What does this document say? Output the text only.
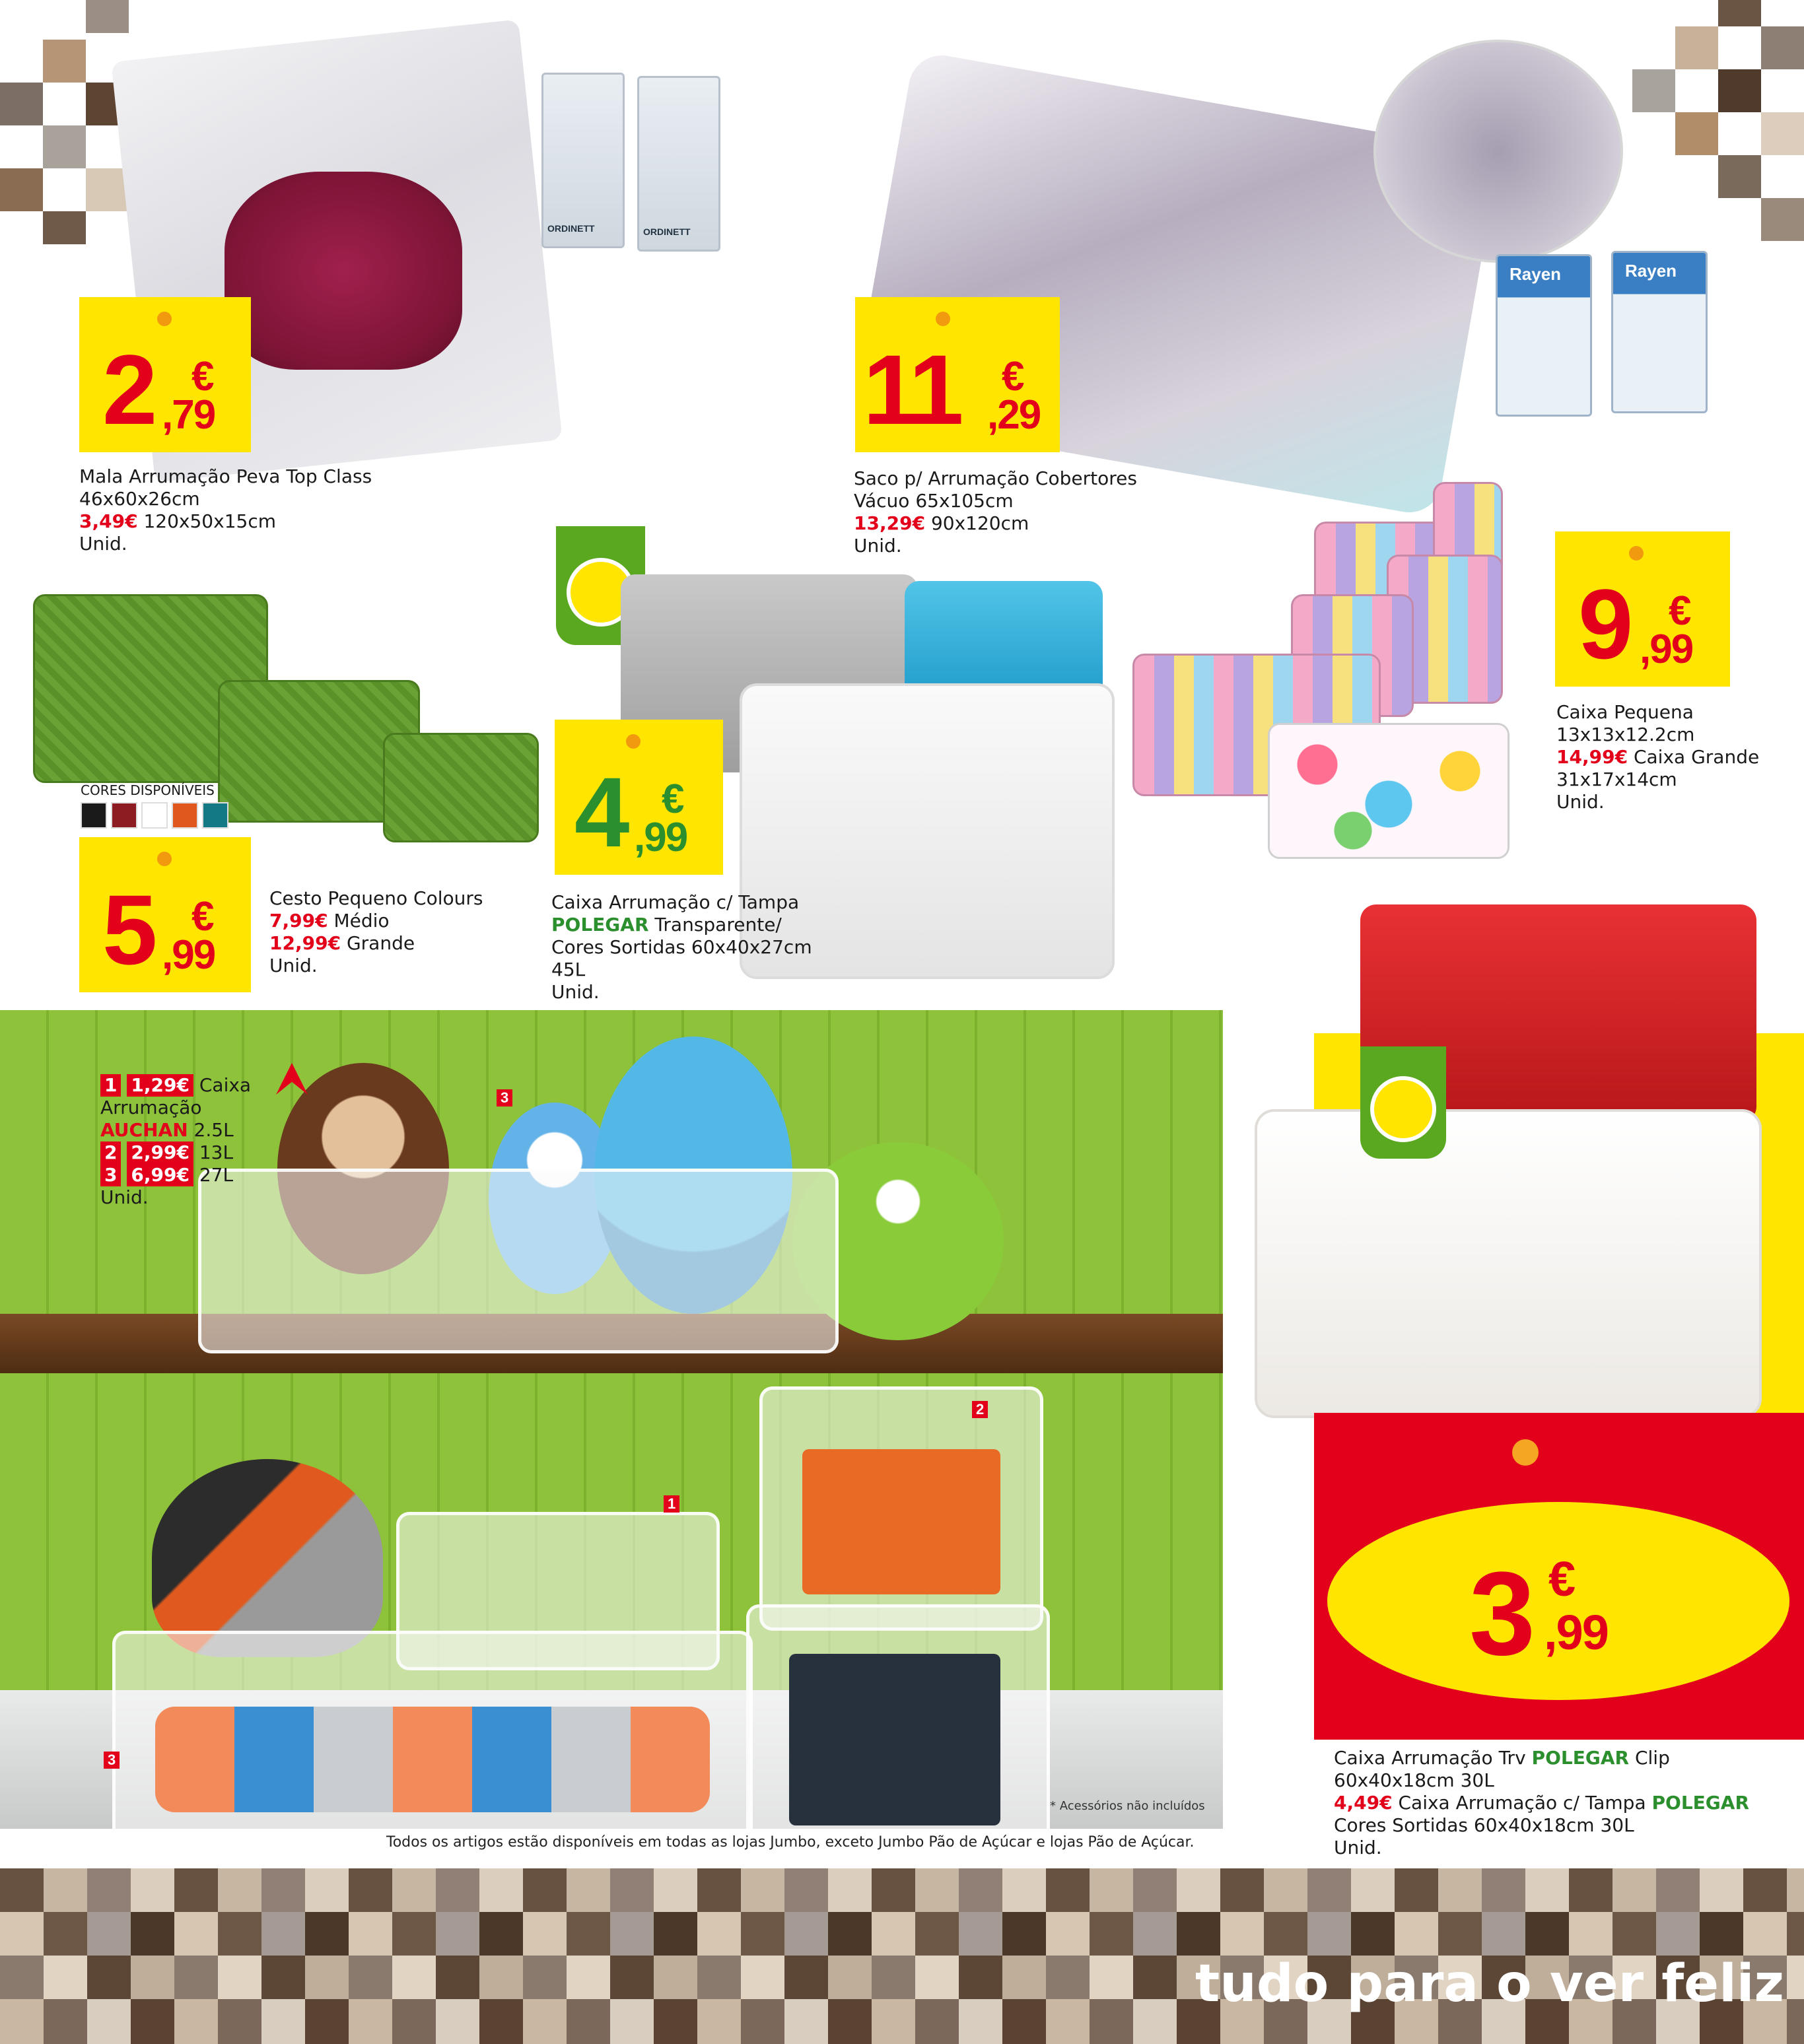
ORDINETT	ORDINETT
2 €
,79
Mala Arrumação Peva Top Class
46x60x26cm
3,49€ 120x50x15cm
Unid.
Rayen	Rayen
11 €
,29
Saco p/ Arrumação Cobertores
Vácuo 65x105cm
13,29€ 90x120cm
Unid.
CORES DISPONÍVEIS
5 €
,99
Cesto Pequeno Colours
7,99€ Médio
12,99€ Grande
Unid.
4 €
,99
Caixa Arrumação c/ Tampa
POLEGAR Transparente/
Cores Sortidas 60x40x27cm
45L
Unid.
9 €
,99
Caixa Pequena
13x13x12.2cm
14,99€ Caixa Grande
31x17x14cm
Unid.
3 €
,99
Caixa Arrumação Trv POLEGAR Clip
60x40x18cm 30L
4,49€ Caixa Arrumação c/ Tampa POLEGAR
Cores Sortidas 60x40x18cm 30L
Unid.
3
2
1
3
* Acessórios não incluídos
1 1,29€ Caixa
Arrumação
AUCHAN 2.5L
2 2,99€ 13L
3 6,99€ 27L
Unid.
Todos os artigos estão disponíveis em todas as lojas Jumbo, exceto Jumbo Pão de Açúcar e lojas Pão de Açúcar.
tudo para o ver feliz
